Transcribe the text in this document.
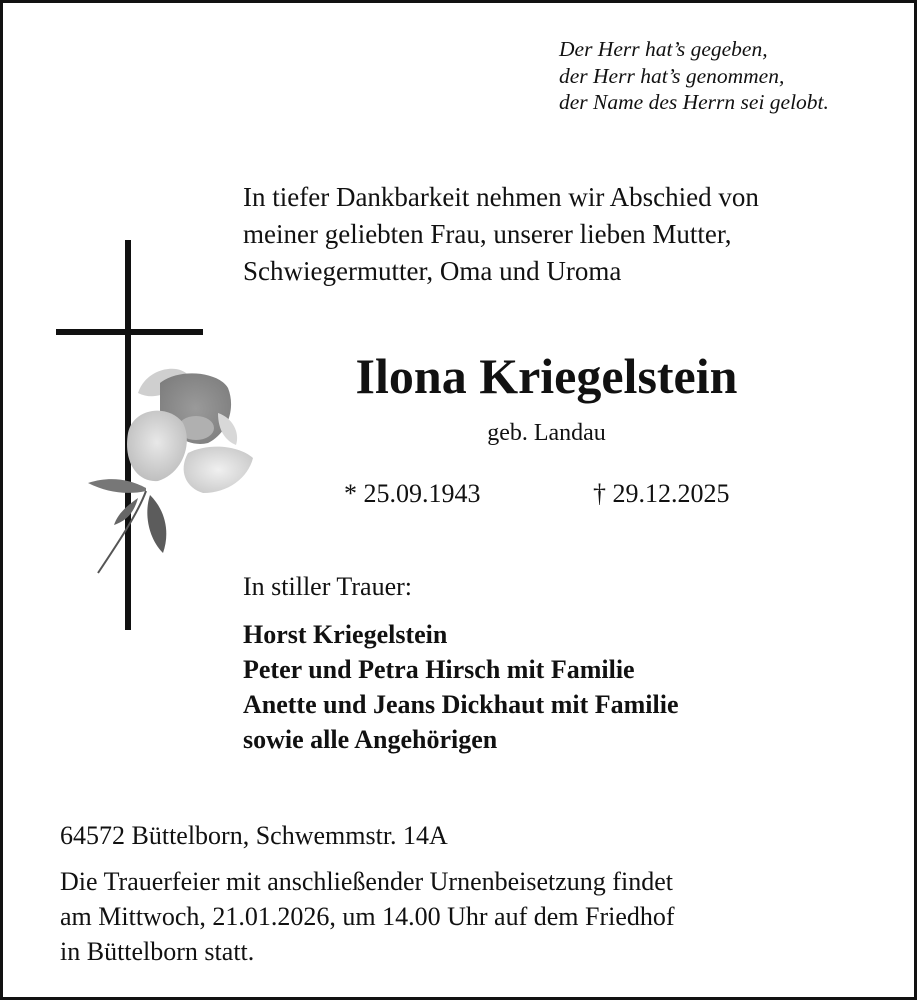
Der Herr hat’s gegeben,
der Herr hat’s genommen,
der Name des Herrn sei gelobt.
In tiefer Dankbarkeit nehmen wir Abschied von
meiner geliebten Frau, unserer lieben Mutter,
Schwiegermutter, Oma und Uroma
Ilona Kriegelstein
geb. Landau
* 25.09.1943	† 29.12.2025
In stiller Trauer:
Horst Kriegelstein
Peter und Petra Hirsch mit Familie
Anette und Jeans Dickhaut mit Familie
sowie alle Angehörigen
64572 Büttelborn, Schwemmstr. 14A
Die Trauerfeier mit anschließender Urnenbeisetzung findet
am Mittwoch, 21.01.2026, um 14.00 Uhr auf dem Friedhof
in Büttelborn statt.
